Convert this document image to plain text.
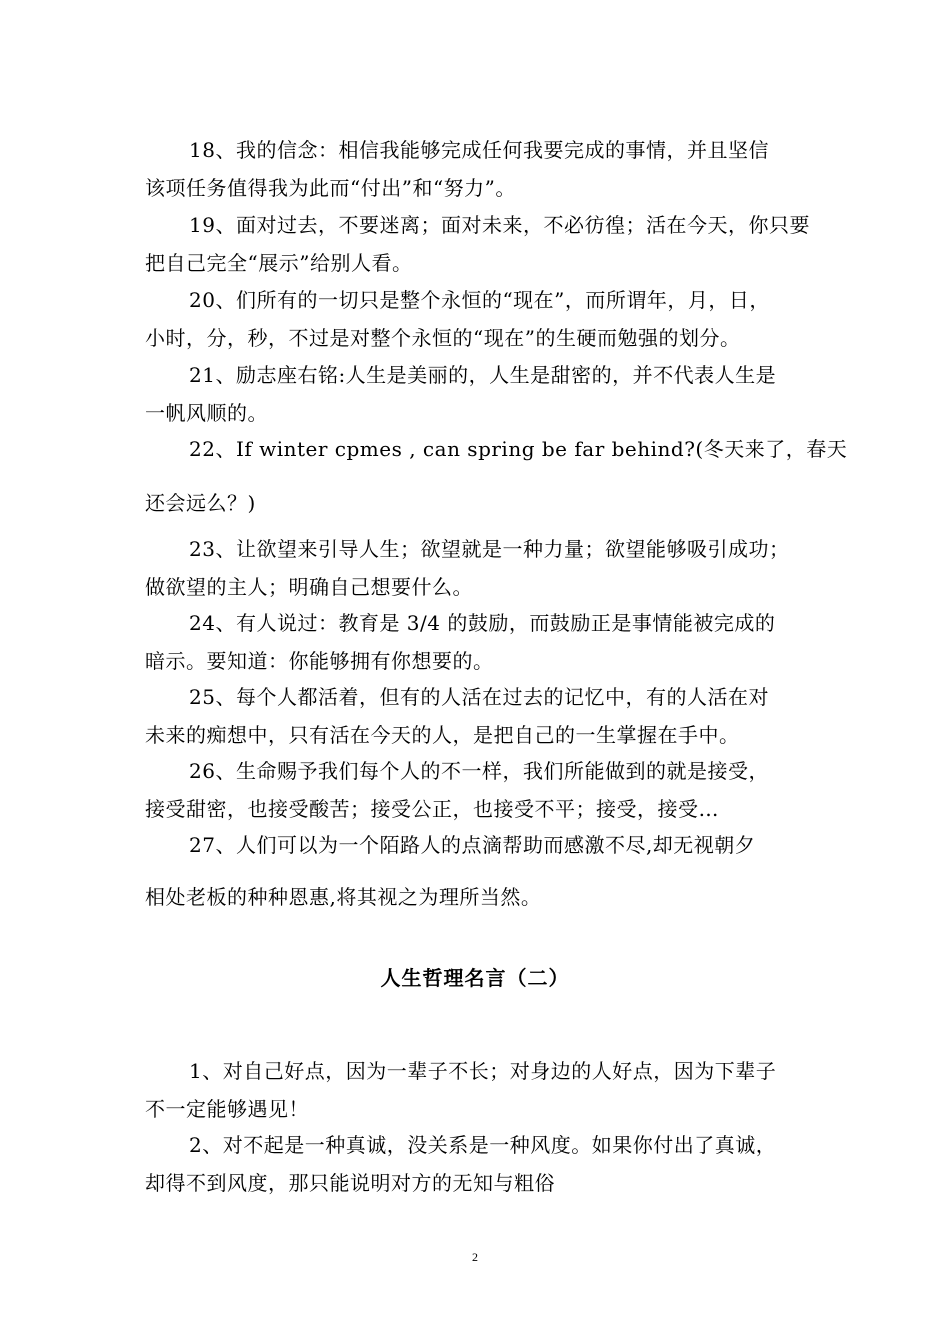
18、我的信念：相信我能够完成任何我要完成的事情，并且坚信
该项任务值得我为此而“付出”和“努力”。
19、面对过去，不要迷离；面对未来，不必彷徨；活在今天，你只要
把自己完全“展示”给别人看。
20、们所有的一切只是整个永恒的“现在”，而所谓年，月，日，
小时，分，秒，不过是对整个永恒的“现在”的生硬而勉强的划分。
21、励志座右铭:人生是美丽的，人生是甜密的，并不代表人生是
一帆风顺的。
22、If winter cpmes , can spring be far behind?(冬天来了，春天
还会远么？)
23、让欲望来引导人生；欲望就是一种力量；欲望能够吸引成功；
做欲望的主人；明确自己想要什么。
24、有人说过：教育是 3/4 的鼓励，而鼓励正是事情能被完成的
暗示。要知道：你能够拥有你想要的。
25、每个人都活着，但有的人活在过去的记忆中，有的人活在对
未来的痴想中，只有活在今天的人，是把自己的一生掌握在手中。
26、生命赐予我们每个人的不一样，我们所能做到的就是接受，
接受甜密，也接受酸苦；接受公正，也接受不平；接受，接受…
27、人们可以为一个陌路人的点滴帮助而感激不尽,却无视朝夕
相处老板的种种恩惠,将其视之为理所当然。
人生哲理名言（二）
1、对自己好点，因为一辈子不长；对身边的人好点，因为下辈子
不一定能够遇见！
2、对不起是一种真诚，没关系是一种风度。如果你付出了真诚，
却得不到风度，那只能说明对方的无知与粗俗
2
